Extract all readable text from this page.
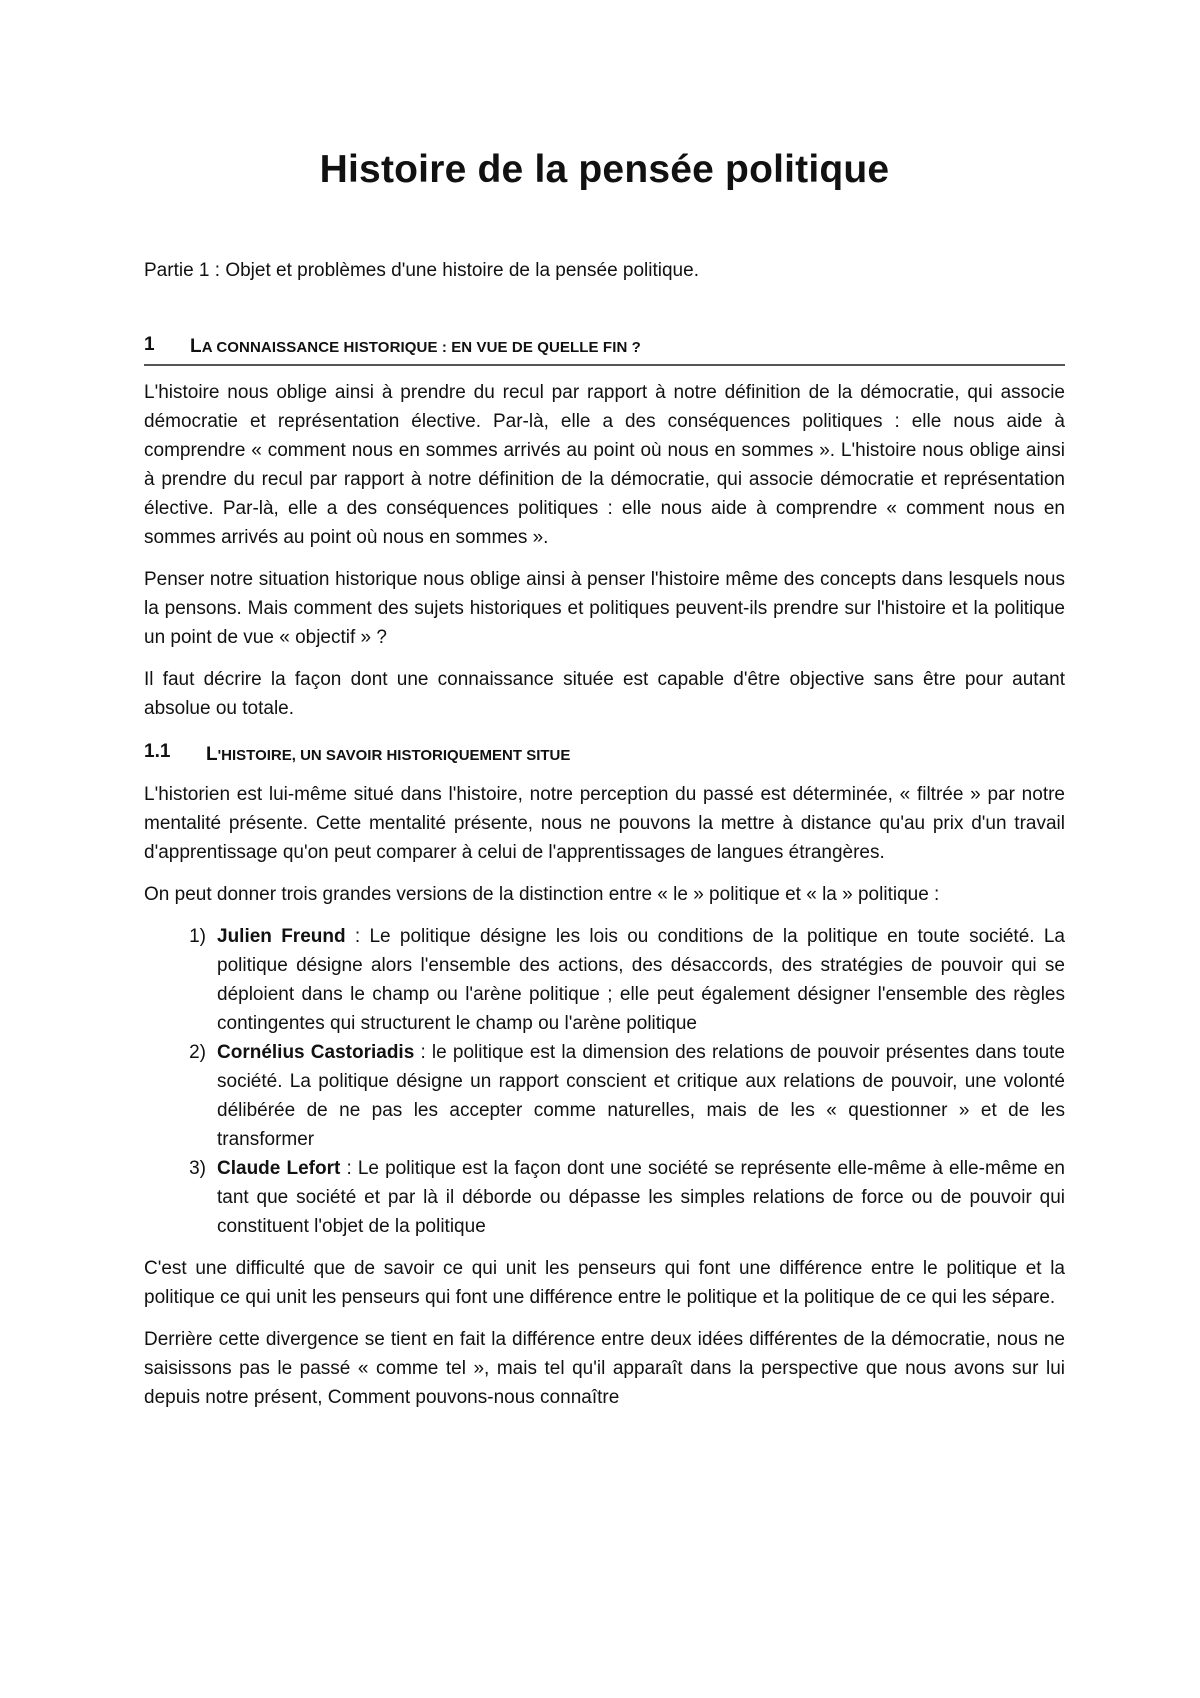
Histoire de la pensée politique

Partie 1 : Objet et problèmes d'une histoire de la pensée politique.

1	LA CONNAISSANCE HISTORIQUE : EN VUE DE QUELLE FIN ?

L'histoire nous oblige ainsi à prendre du recul par rapport à notre définition de la démocratie, qui associe démocratie et représentation élective. Par-là, elle a des conséquences politiques : elle nous aide à comprendre « comment nous en sommes arrivés au point où nous en sommes ». L'histoire nous oblige ainsi à prendre du recul par rapport à notre définition de la démocratie, qui associe démocratie et représentation élective. Par-là, elle a des conséquences politiques : elle nous aide à comprendre « comment nous en sommes arrivés au point où nous en sommes ».

Penser notre situation historique nous oblige ainsi à penser l'histoire même des concepts dans lesquels nous la pensons. Mais comment des sujets historiques et politiques peuvent-ils prendre sur l'histoire et la politique un point de vue « objectif » ?

Il faut décrire la façon dont une connaissance située est capable d'être objective sans être pour autant absolue ou totale.

1.1	L'HISTOIRE, UN SAVOIR HISTORIQUEMENT SITUE

L'historien est lui-même situé dans l'histoire, notre perception du passé est déterminée, « filtrée » par notre mentalité présente. Cette mentalité présente, nous ne pouvons la mettre à distance qu'au prix d'un travail d'apprentissage qu'on peut comparer à celui de l'apprentissages de langues étrangères.

On peut donner trois grandes versions de la distinction entre « le » politique et « la » politique :

1) Julien Freund : Le politique désigne les lois ou conditions de la politique en toute société. La politique désigne alors l'ensemble des actions, des désaccords, des stratégies de pouvoir qui se déploient dans le champ ou l'arène politique ; elle peut également désigner l'ensemble des règles contingentes qui structurent le champ ou l'arène politique
2) Cornélius Castoriadis : le politique est la dimension des relations de pouvoir présentes dans toute société. La politique désigne un rapport conscient et critique aux relations de pouvoir, une volonté délibérée de ne pas les accepter comme naturelles, mais de les « questionner » et de les transformer
3) Claude Lefort : Le politique est la façon dont une société se représente elle-même à elle-même en tant que société et par là il déborde ou dépasse les simples relations de force ou de pouvoir qui constituent l'objet de la politique

C'est une difficulté que de savoir ce qui unit les penseurs qui font une différence entre le politique et la politique ce qui unit les penseurs qui font une différence entre le politique et la politique de ce qui les sépare.

Derrière cette divergence se tient en fait la différence entre deux idées différentes de la démocratie, nous ne saisissons pas le passé « comme tel », mais tel qu'il apparaît dans la perspective que nous avons sur lui depuis notre présent, Comment pouvons-nous connaître
